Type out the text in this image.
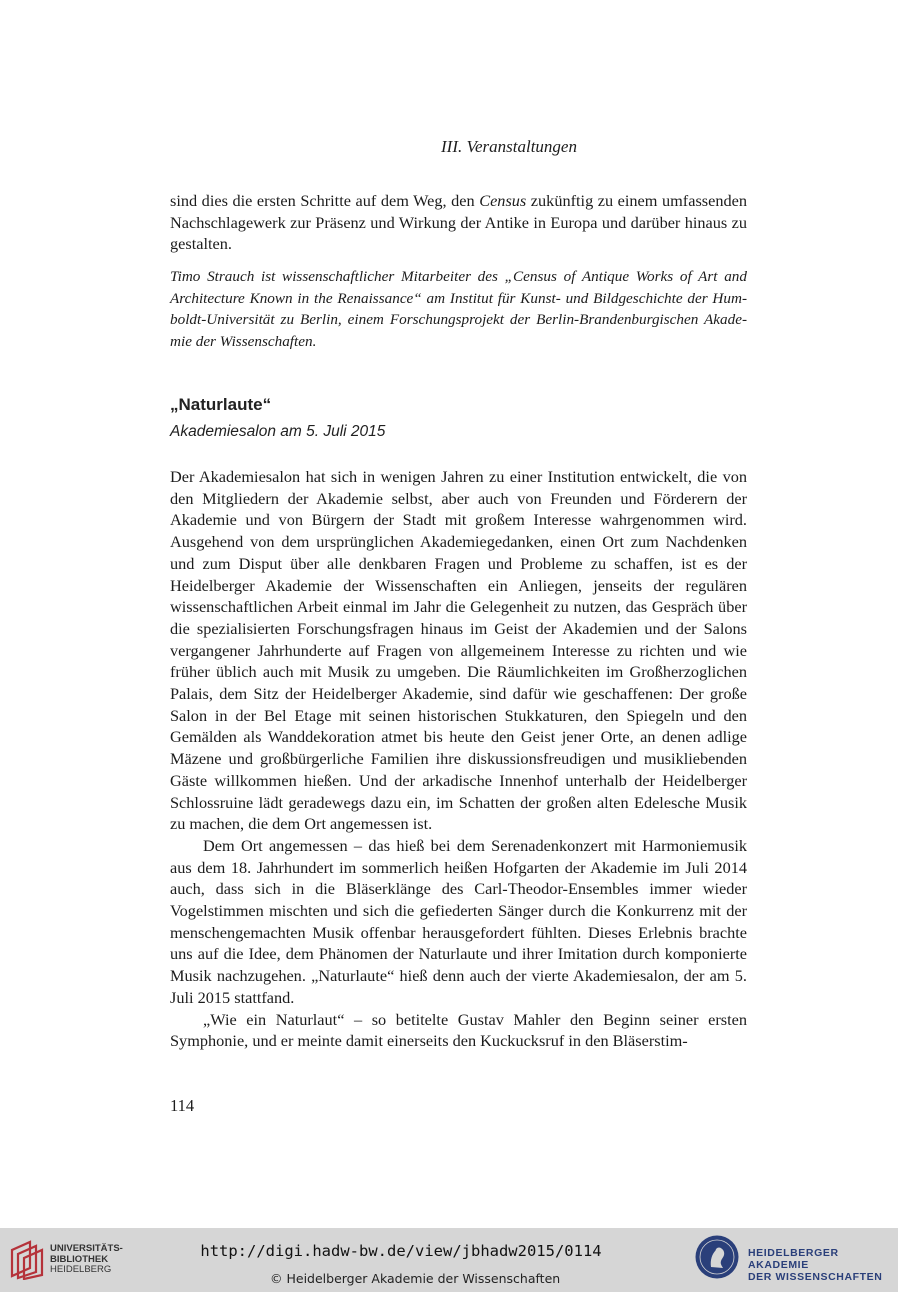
III. Veranstaltungen

sind dies die ersten Schritte auf dem Weg, den Census zukünftig zu einem umfassenden Nachschlagewerk zur Präsenz und Wirkung der Antike in Europa und darüber hinaus zu gestalten.

Timo Strauch ist wissenschaftlicher Mitarbeiter des „Census of Antique Works of Art and Architecture Known in the Renaissance“ am Institut für Kunst- und Bildgeschichte der Humboldt-Universität zu Berlin, einem Forschungsprojekt der Berlin-Brandenburgischen Akademie der Wissenschaften.

„Naturlaute“

Akademiesalon am 5. Juli 2015

Der Akademiesalon hat sich in wenigen Jahren zu einer Institution entwickelt, die von den Mitgliedern der Akademie selbst, aber auch von Freunden und Förderern der Akademie und von Bürgern der Stadt mit großem Interesse wahrgenommen wird. Ausgehend von dem ursprünglichen Akademiegedanken, einen Ort zum Nachdenken und zum Disput über alle denkbaren Fragen und Probleme zu schaffen, ist es der Heidelberger Akademie der Wissenschaften ein Anliegen, jenseits der regulären wissenschaftlichen Arbeit einmal im Jahr die Gelegenheit zu nutzen, das Gespräch über die spezialisierten Forschungsfragen hinaus im Geist der Akademien und der Salons vergangener Jahrhunderte auf Fragen von allgemeinem Interesse zu richten und wie früher üblich auch mit Musik zu umgeben. Die Räumlichkeiten im Großherzoglichen Palais, dem Sitz der Heidelberger Akademie, sind dafür wie geschaffenen: Der große Salon in der Bel Etage mit seinen historischen Stukkaturen, den Spiegeln und den Gemälden als Wanddekoration atmet bis heute den Geist jener Orte, an denen adlige Mäzene und großbürgerliche Familien ihre diskussionsfreudigen und musikliebenden Gäste willkommen hießen. Und der arkadische Innenhof unterhalb der Heidelberger Schlossruine lädt geradewegs dazu ein, im Schatten der großen alten Edelesche Musik zu machen, die dem Ort angemessen ist.

Dem Ort angemessen – das hieß bei dem Serenadenkonzert mit Harmoniemusik aus dem 18. Jahrhundert im sommerlich heißen Hofgarten der Akademie im Juli 2014 auch, dass sich in die Bläserklänge des Carl-Theodor-Ensembles immer wieder Vogelstimmen mischten und sich die gefiederten Sänger durch die Konkurrenz mit der menschengemachten Musik offenbar herausgefordert fühlten. Dieses Erlebnis brachte uns auf die Idee, dem Phänomen der Naturlaute und ihrer Imitation durch komponierte Musik nachzugehen. „Naturlaute“ hieß denn auch der vierte Akademiesalon, der am 5. Juli 2015 stattfand.

„Wie ein Naturlaut“ – so betitelte Gustav Mahler den Beginn seiner ersten Symphonie, und er meinte damit einerseits den Kuckucksruf in den Bläserstim-

114
UNIVERSITÄTS-
BIBLIOTHEK
HEIDELBERG
http://digi.hadw-bw.de/view/jbhadw2015/0114
© Heidelberger Akademie der Wissenschaften
HEIDELBERGER AKADEMIE
DER WISSENSCHAFTEN
